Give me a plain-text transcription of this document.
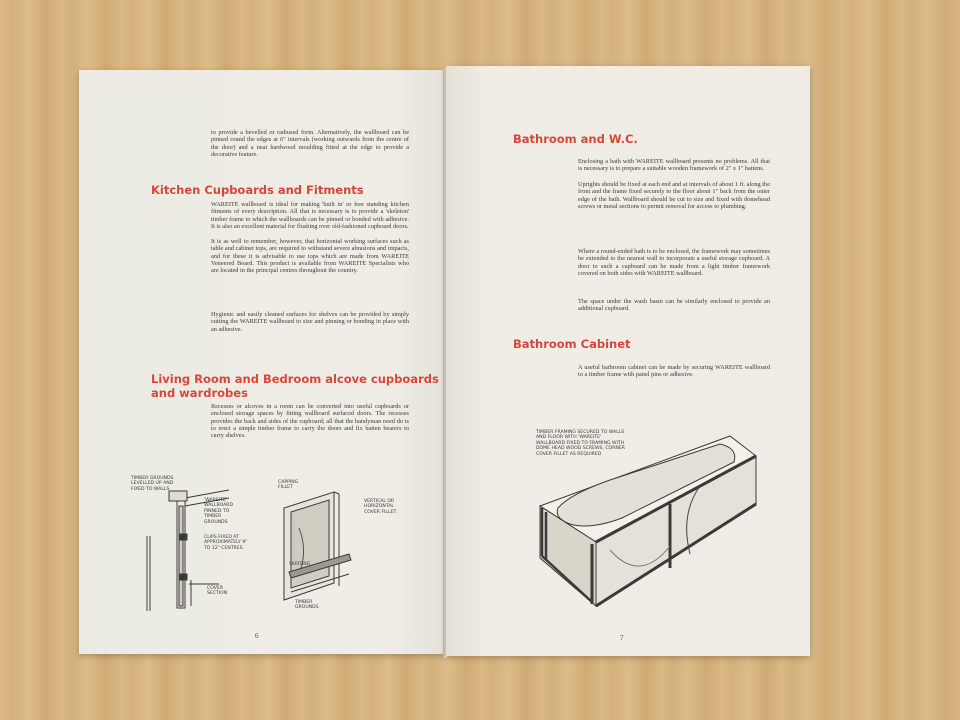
to provide a bevelled or radiused form. Alternatively, the wallboard can be pinned round the edges at 6" intervals (working outwards from the centre of the door) and a neat hardwood moulding fitted at the edge to provide a decorative feature.

Kitchen Cupboards and Fitments

WAREITE wallboard is ideal for making 'built in' or free standing kitchen fitments of every description. All that is necessary is to provide a 'skeleton' timber frame to which the wallboards can be pinned or bonded with adhesive. It is also an excellent material for flushing over old-fashioned cupboard doors.

It is as well to remember, however, that horizontal working surfaces such as table and cabinet tops, are required to withstand severe abrasions and impacts, and for these it is advisable to use tops which are made from WAREITE Veneered Board. This product is available from WAREITE Specialists who are located in the principal centres throughout the country.

Hygienic and easily cleaned surfaces for shelves can be provided by simply cutting the WAREITE wallboard to size and pinning or bonding in place with an adhesive.

Living Room and Bedroom alcove cupboards and wardrobes

Recesses or alcoves in a room can be converted into useful cupboards or enclosed storage spaces by fitting wallboard surfaced doors. The recesses provides the back and sides of the cupboard; all that the handyman need do is to erect a simple timber frame to carry the doors and fix batten bearers to carry shelves.

TIMBER GROUNDS LEVELLED UP AND FIXED TO WALLS
'WAREITE' WALLBOARD PINNED TO TIMBER GROUNDS
CLIPS FIXED AT APPROXIMATELY 9" TO 12" CENTRES
COVER SECTION
CAPPING FILLET
VERTICAL OR HORIZONTAL COVER FILLET
SKIRTING
TIMBER GROUNDS
6
Bathroom and W.C.

Enclosing a bath with WAREITE wallboard presents no problems. All that is necessary is to prepare a suitable wooden framework of 2" x 1" battens.

Uprights should be fixed at each end and at intervals of about 1 ft. along the front and the frame fixed securely to the floor about 1" back from the outer edge of the bath. Wallboard should be cut to size and fixed with domehead screws or metal sections to permit removal for access to plumbing.

Where a round-ended bath is to be enclosed, the framework may sometimes be extended to the nearest wall to incorporate a useful storage cupboard. A door to such a cupboard can be made from a light timber framework covered on both sides with WAREITE wallboard.

The space under the wash basin can be similarly enclosed to provide an additional cupboard.

Bathroom Cabinet

A useful bathroom cabinet can be made by securing WAREITE wallboard to a timber frame with panel pins or adhesive.

TIMBER FRAMING SECURED TO WALLS AND FLOOR WITH 'WAREITE' WALLBOARD FIXED TO FRAMING WITH DOME HEAD WOOD SCREWS, CORNER COVER FILLET AS REQUIRED
7
